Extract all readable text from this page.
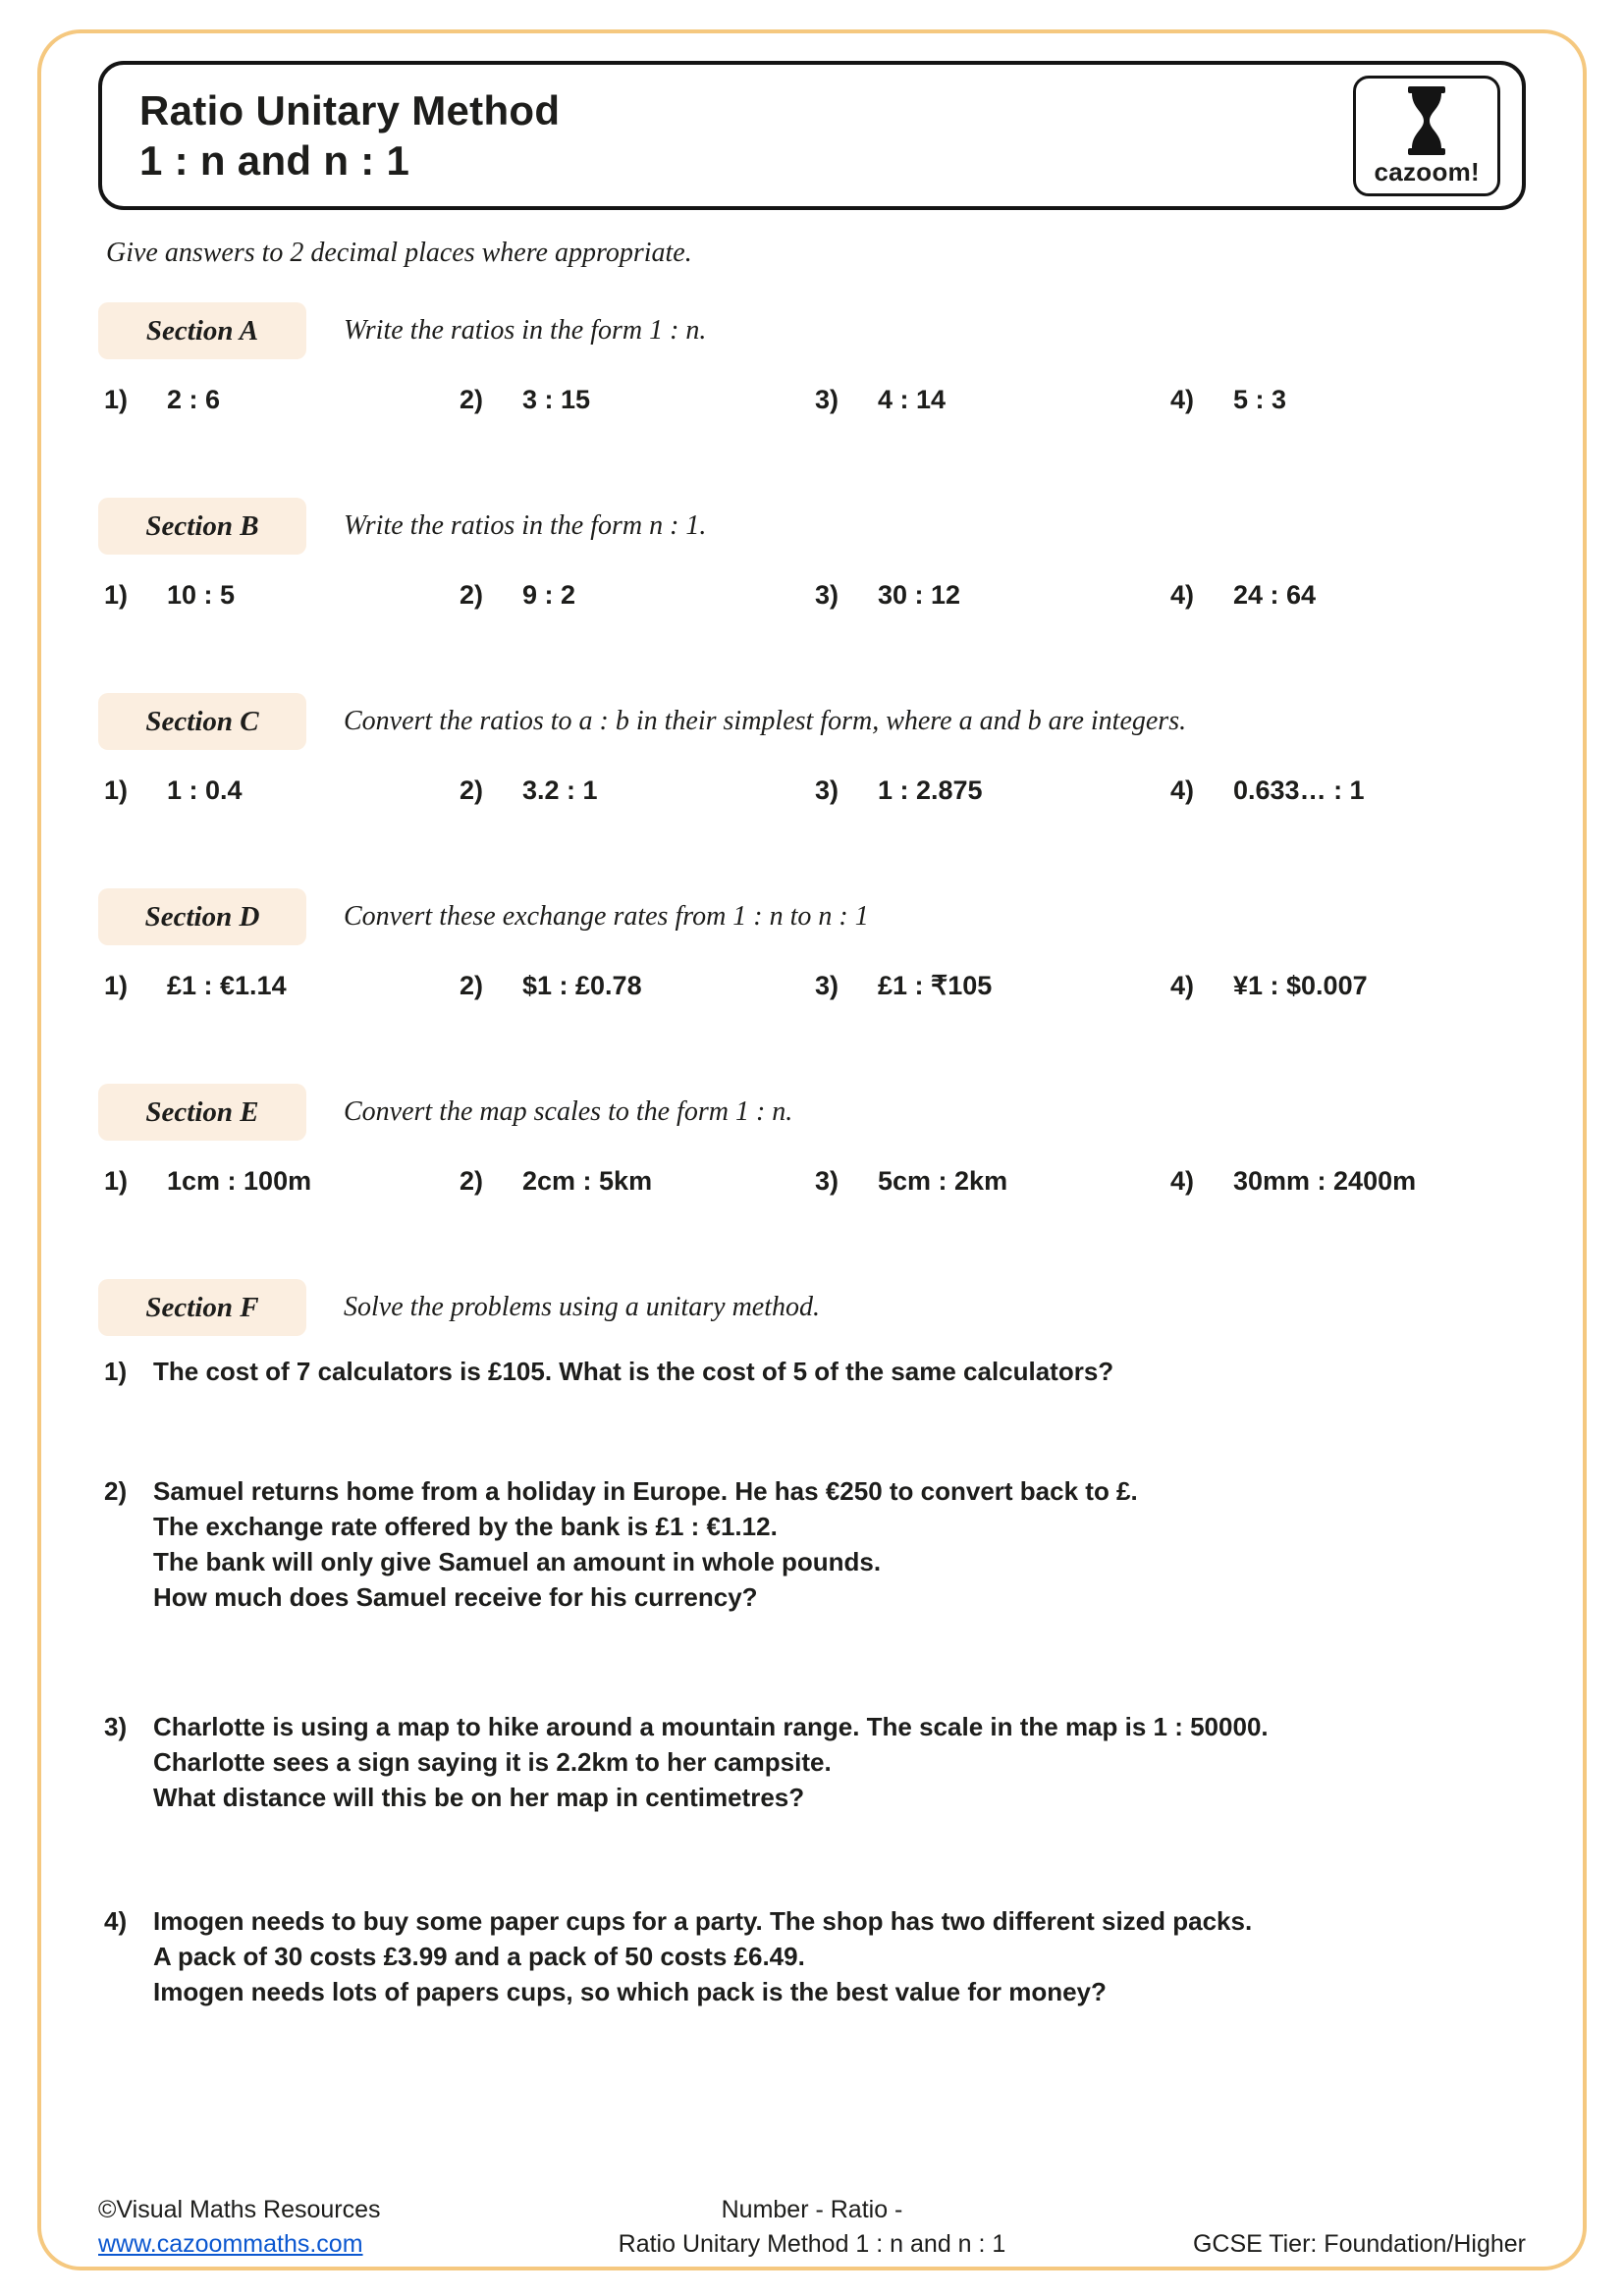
Ratio Unitary Method
1 : n and n : 1	cazoom!
Give answers to 2 decimal places where appropriate.
Section A	Write the ratios in the form 1 : n.
1)	2 : 6	2)	3 : 15	3)	4 : 14	4)	5 : 3
Section B	Write the ratios in the form n : 1.
1)	10 : 5	2)	9 : 2	3)	30 : 12	4)	24 : 64
Section C	Convert the ratios to a : b in their simplest form, where a and b are integers.
1)	1 : 0.4	2)	3.2 : 1	3)	1 : 2.875	4)	0.633… : 1
Section D	Convert these exchange rates from 1 : n to n : 1
1)	£1 : €1.14	2)	$1 : £0.78	3)	£1 : ₹105	4)	¥1 : $0.007
Section E	Convert the map scales to the form 1 : n.
1)	1cm : 100m	2)	2cm : 5km	3)	5cm : 2km	4)	30mm : 2400m
Section F	Solve the problems using a unitary method.
1)	The cost of 7 calculators is £105. What is the cost of 5 of the same calculators?
2)	Samuel returns home from a holiday in Europe. He has €250 to convert back to £.
The exchange rate offered by the bank is £1 : €1.12.
The bank will only give Samuel an amount in whole pounds.
How much does Samuel receive for his currency?
3)	Charlotte is using a map to hike around a mountain range. The scale in the map is 1 : 50000.
Charlotte sees a sign saying it is 2.2km to her campsite.
What distance will this be on her map in centimetres?
4)	Imogen needs to buy some paper cups for a party. The shop has two different sized packs.
A pack of 30 costs £3.99 and a pack of 50 costs £6.49.
Imogen needs lots of papers cups, so which pack is the best value for money?
©Visual Maths Resources
www.cazoommaths.com
Number - Ratio -
Ratio Unitary Method 1 : n and n : 1	GCSE Tier: Foundation/Higher
